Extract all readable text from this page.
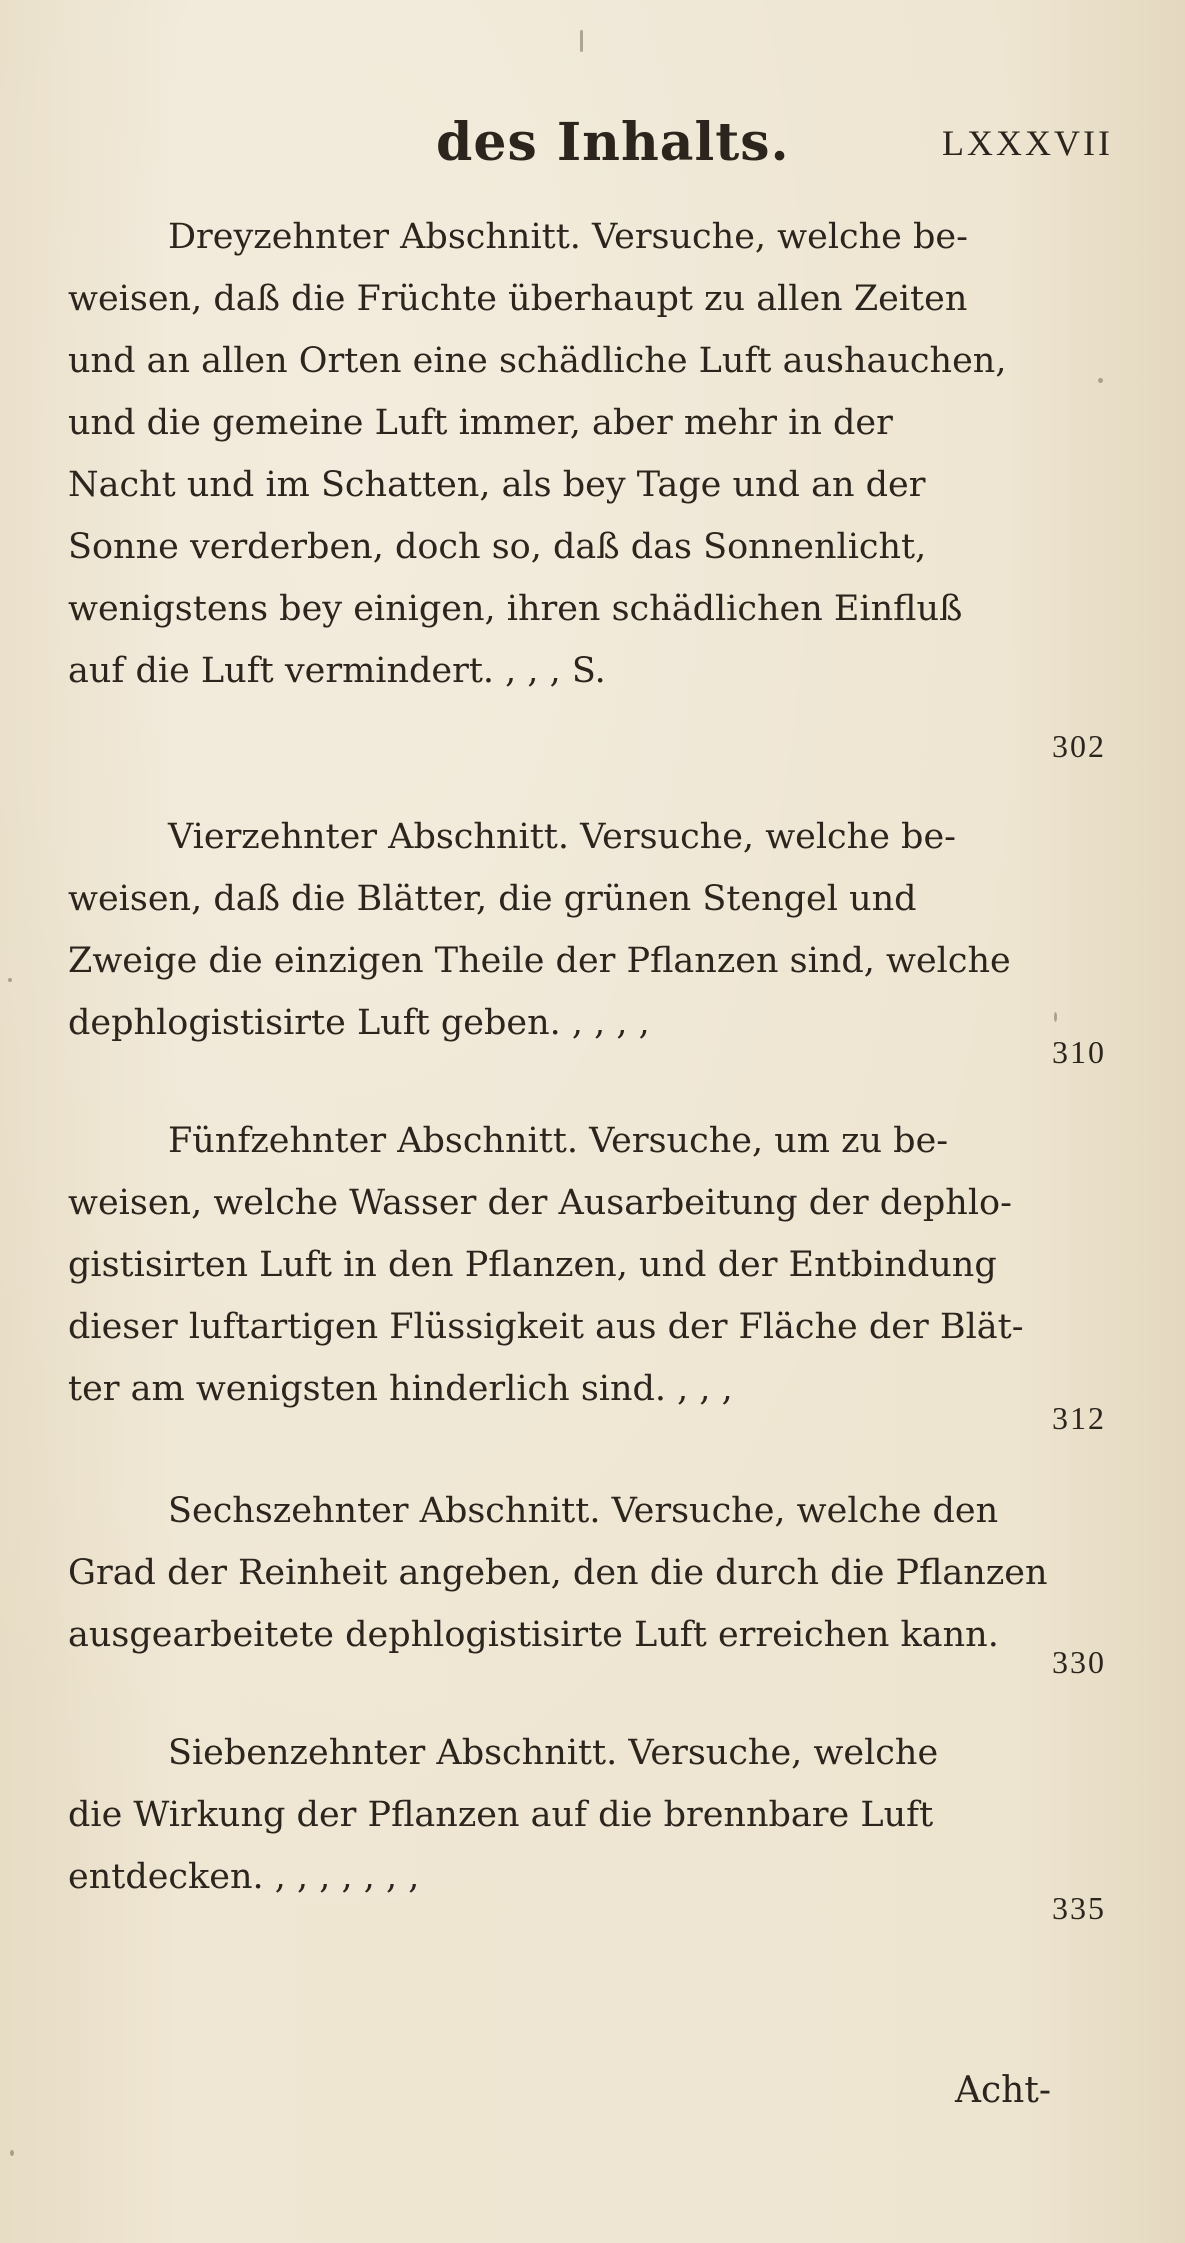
des Inhalts.	LXXXVII
Dreyzehnter Abschnitt. Versuche, welche be-
weisen, daß die Früchte überhaupt zu allen Zeiten
und an allen Orten eine schädliche Luft aushauchen,
und die gemeine Luft immer, aber mehr in der
Nacht und im Schatten, als bey Tage und an der
Sonne verderben, doch so, daß das Sonnenlicht,
wenigstens bey einigen, ihren schädlichen Einfluß
auf die Luft vermindert. , , , S.
302
Vierzehnter Abschnitt. Versuche, welche be-
weisen, daß die Blätter, die grünen Stengel und
Zweige die einzigen Theile der Pflanzen sind, welche
dephlogistisirte Luft geben. , , , ,
310
Fünfzehnter Abschnitt. Versuche, um zu be-
weisen, welche Wasser der Ausarbeitung der dephlo-
gistisirten Luft in den Pflanzen, und der Entbindung
dieser luftartigen Flüssigkeit aus der Fläche der Blät-
ter am wenigsten hinderlich sind. , , ,
312
Sechszehnter Abschnitt. Versuche, welche den
Grad der Reinheit angeben, den die durch die Pflanzen
ausgearbeitete dephlogistisirte Luft erreichen kann.
330
Siebenzehnter Abschnitt. Versuche, welche
die Wirkung der Pflanzen auf die brennbare Luft
entdecken. , , , , , , ,
335
Acht-
